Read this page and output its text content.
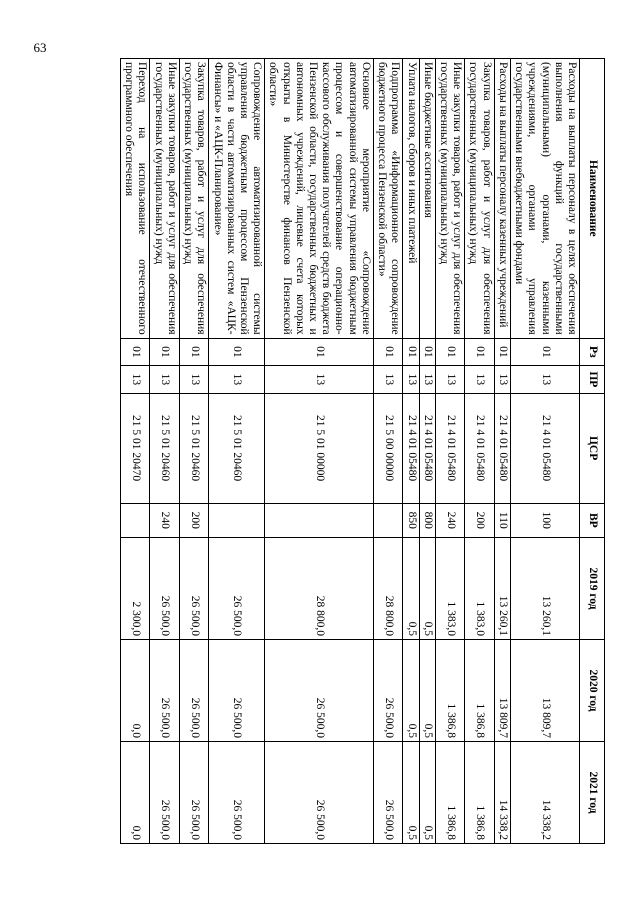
63
Наименование	Рз	ПР	ЦСР	ВР	2019 год	2020 год	2021 год
Расходы на выплаты персоналу в целях обеспечения выполнения функций государственными (муниципальными) органами, казенными учреждениями, органами управления государственными внебюджетными фондами	01	13	21 4 01 05480	100	13 260,1	13 809,7	14 338,2
Расходы на выплаты персоналу казенных учреждений	01	13	21 4 01 05480	110	13 260,1	13 809,7	14 338,2
Закупка товаров, работ и услуг для обеспечения государственных (муниципальных) нужд	01	13	21 4 01 05480	200	1 383,0	1 386,8	1 386,8
Иные закупки товаров, работ и услуг для обеспечения государственных (муниципальных) нужд	01	13	21 4 01 05480	240	1 383,0	1 386,8	1 386,8
Иные бюджетные ассигнования	01	13	21 4 01 05480	800	0,5	0,5	0,5
Уплата налогов, сборов и иных платежей	01	13	21 4 01 05480	850	0,5	0,5	0,5
Подпрограмма «Информационное сопровождение бюджетного процесса Пензенской области»	01	13	21 5 00 00000		28 800,0	26 500,0	26 500,0
Основное мероприятие «Сопровождение автоматизированной системы управления бюджетным процессом и совершенствование операционно-кассового обслуживания получателей средств бюджета Пензенской области, государственных бюджетных и автономных учреждений, лицевые счета которых открыты в Министерстве финансов Пензенской области»	01	13	21 5 01 00000		28 800,0	26 500,0	26 500,0
Сопровождение автоматизированной системы управления бюджетным процессом Пензенской области в части автоматизированных систем «АЦК-Финансы» и «АЦК-Планирование»	01	13	21 5 01 20460		26 500,0	26 500,0	26 500,0
Закупка товаров, работ и услуг для обеспечения государственных (муниципальных) нужд	01	13	21 5 01 20460	200	26 500,0	26 500,0	26 500,0
Иные закупки товаров, работ и услуг для обеспечения государственных (муниципальных) нужд	01	13	21 5 01 20460	240	26 500,0	26 500,0	26 500,0
Переход на использование отечественного программного обеспечения	01	13	21 5 01 20470		2 300,0	0,0	0,0
